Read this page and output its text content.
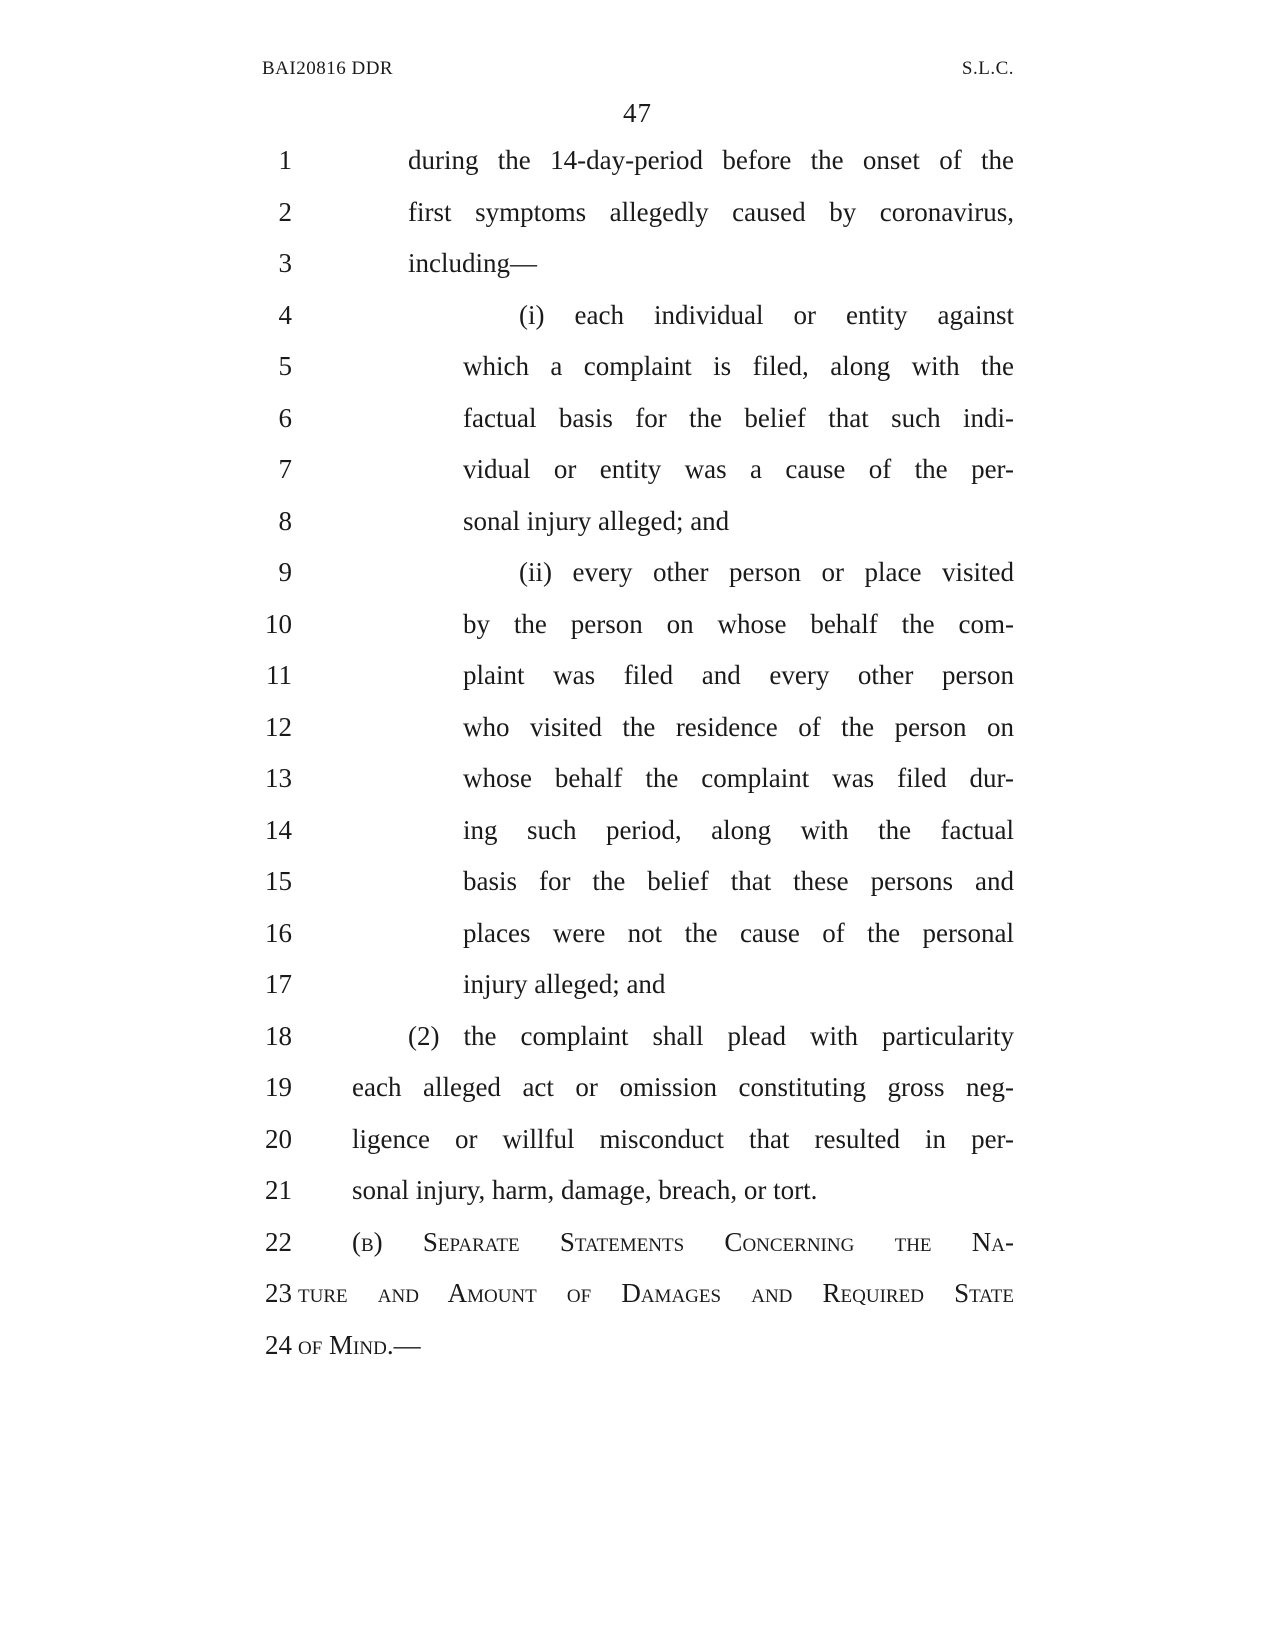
BAI20816 DDR	S.L.C.
47
1	during the 14-day-period before the onset of the
2	first symptoms allegedly caused by coronavirus,
3	including—
4	(i) each individual or entity against
5	which a complaint is filed, along with the
6	factual basis for the belief that such indi-
7	vidual or entity was a cause of the per-
8	sonal injury alleged; and
9	(ii) every other person or place visited
10	by the person on whose behalf the com-
11	plaint was filed and every other person
12	who visited the residence of the person on
13	whose behalf the complaint was filed dur-
14	ing such period, along with the factual
15	basis for the belief that these persons and
16	places were not the cause of the personal
17	injury alleged; and
18	(2) the complaint shall plead with particularity
19 each alleged act or omission constituting gross neg-
20 ligence or willful misconduct that resulted in per-
21 sonal injury, harm, damage, breach, or tort.
22 (b) Separate Statements Concerning the Na-
23 ture and Amount of Damages and Required State
24 of Mind.—
